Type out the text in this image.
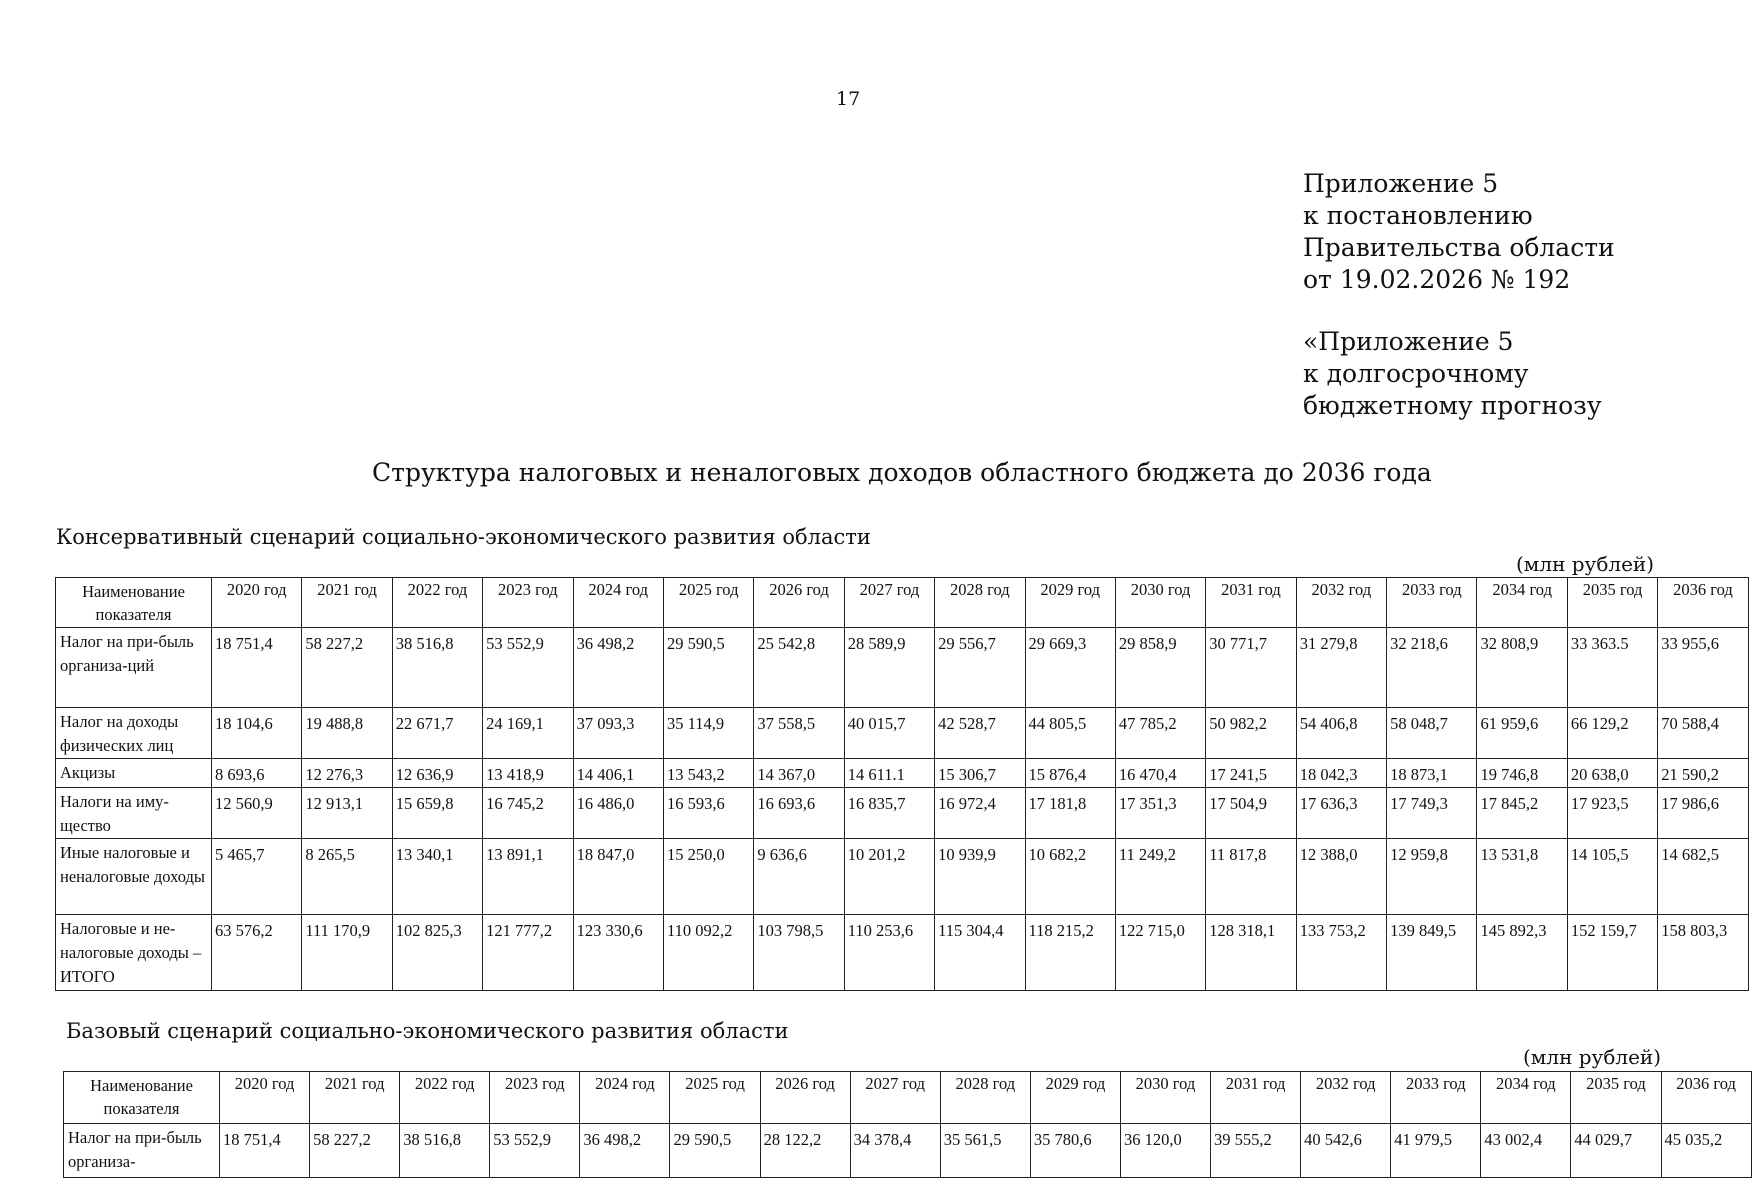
17
Приложение 5
к постановлению
Правительства области
от 19.02.2026 № 192
«Приложение 5
к долгосрочному
бюджетному прогнозу
Структура налоговых и неналоговых доходов областного бюджета до 2036 года
Консервативный сценарий социально-экономического развития области
(млн рублей)
Наименование показателя	2020 год	2021 год	2022 год	2023 год	2024 год	2025 год	2026 год	2027 год	2028 год	2029 год	2030 год	2031 год	2032 год	2033 год	2034 год	2035 год	2036 год
Налог на при-быль организа-ций	18 751,4	58 227,2	38 516,8	53 552,9	36 498,2	29 590,5	25 542,8	28 589,9	29 556,7	29 669,3	29 858,9	30 771,7	31 279,8	32 218,6	32 808,9	33 363.5	33 955,6
Налог на доходы физических лиц	18 104,6	19 488,8	22 671,7	24 169,1	37 093,3	35 114,9	37 558,5	40 015,7	42 528,7	44 805,5	47 785,2	50 982,2	54 406,8	58 048,7	61 959,6	66 129,2	70 588,4
Акцизы	8 693,6	12 276,3	12 636,9	13 418,9	14 406,1	13 543,2	14 367,0	14 611.1	15 306,7	15 876,4	16 470,4	17 241,5	18 042,3	18 873,1	19 746,8	20 638,0	21 590,2
Налоги на иму-щество	12 560,9	12 913,1	15 659,8	16 745,2	16 486,0	16 593,6	16 693,6	16 835,7	16 972,4	17 181,8	17 351,3	17 504,9	17 636,3	17 749,3	17 845,2	17 923,5	17 986,6
Иные налоговые и неналоговые доходы	5 465,7	8 265,5	13 340,1	13 891,1	18 847,0	15 250,0	9 636,6	10 201,2	10 939,9	10 682,2	11 249,2	11 817,8	12 388,0	12 959,8	13 531,8	14 105,5	14 682,5
Налоговые и не-налоговые доходы – ИТОГО	63 576,2	111 170,9	102 825,3	121 777,2	123 330,6	110 092,2	103 798,5	110 253,6	115 304,4	118 215,2	122 715,0	128 318,1	133 753,2	139 849,5	145 892,3	152 159,7	158 803,3
Базовый сценарий социально-экономического развития области
(млн рублей)
Наименование показателя	2020 год	2021 год	2022 год	2023 год	2024 год	2025 год	2026 год	2027 год	2028 год	2029 год	2030 год	2031 год	2032 год	2033 год	2034 год	2035 год	2036 год
Налог на при-быль организа-	18 751,4	58 227,2	38 516,8	53 552,9	36 498,2	29 590,5	28 122,2	34 378,4	35 561,5	35 780,6	36 120,0	39 555,2	40 542,6	41 979,5	43 002,4	44 029,7	45 035,2
